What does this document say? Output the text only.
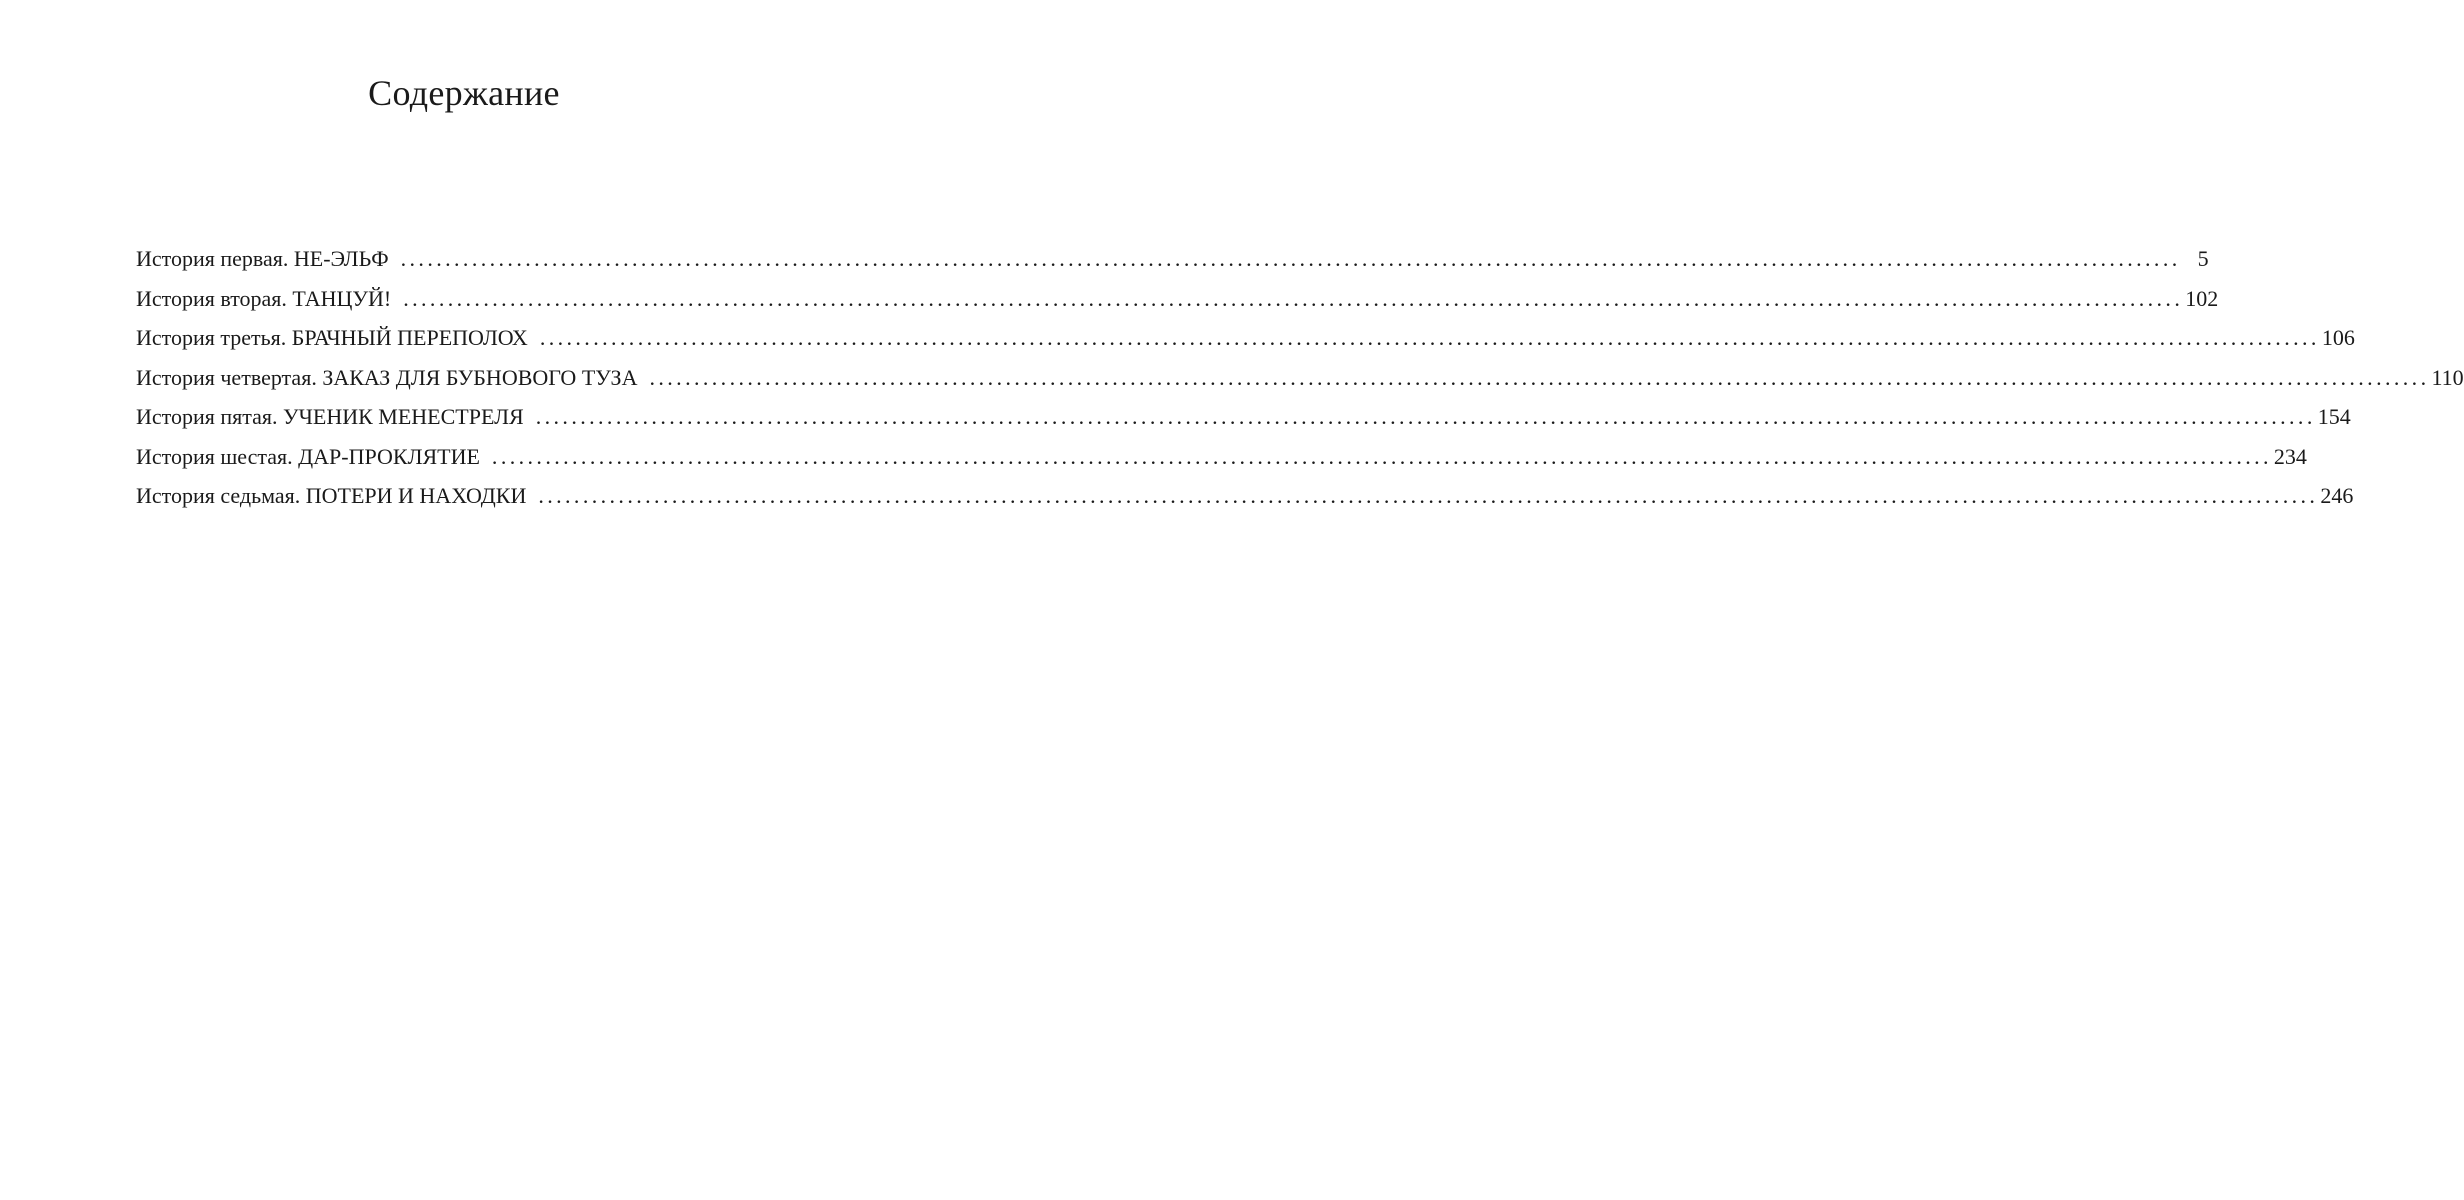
Содержание
История первая. НЕ-ЭЛЬФ ........................................................................................................................................................................................................ 5
История вторая. ТАНЦУЙ! ........................................................................................................................................................................................................ 102
История третья. БРАЧНЫЙ ПЕРЕПОЛОХ ........................................................................................................................................................................................................ 106
История четвертая. ЗАКАЗ ДЛЯ БУБНОВОГО ТУЗА ........................................................................................................................................................................................................ 110
История пятая. УЧЕНИК МЕНЕСТРЕЛЯ ........................................................................................................................................................................................................ 154
История шестая. ДАР-ПРОКЛЯТИЕ ........................................................................................................................................................................................................ 234
История седьмая. ПОТЕРИ И НАХОДКИ ........................................................................................................................................................................................................ 246
